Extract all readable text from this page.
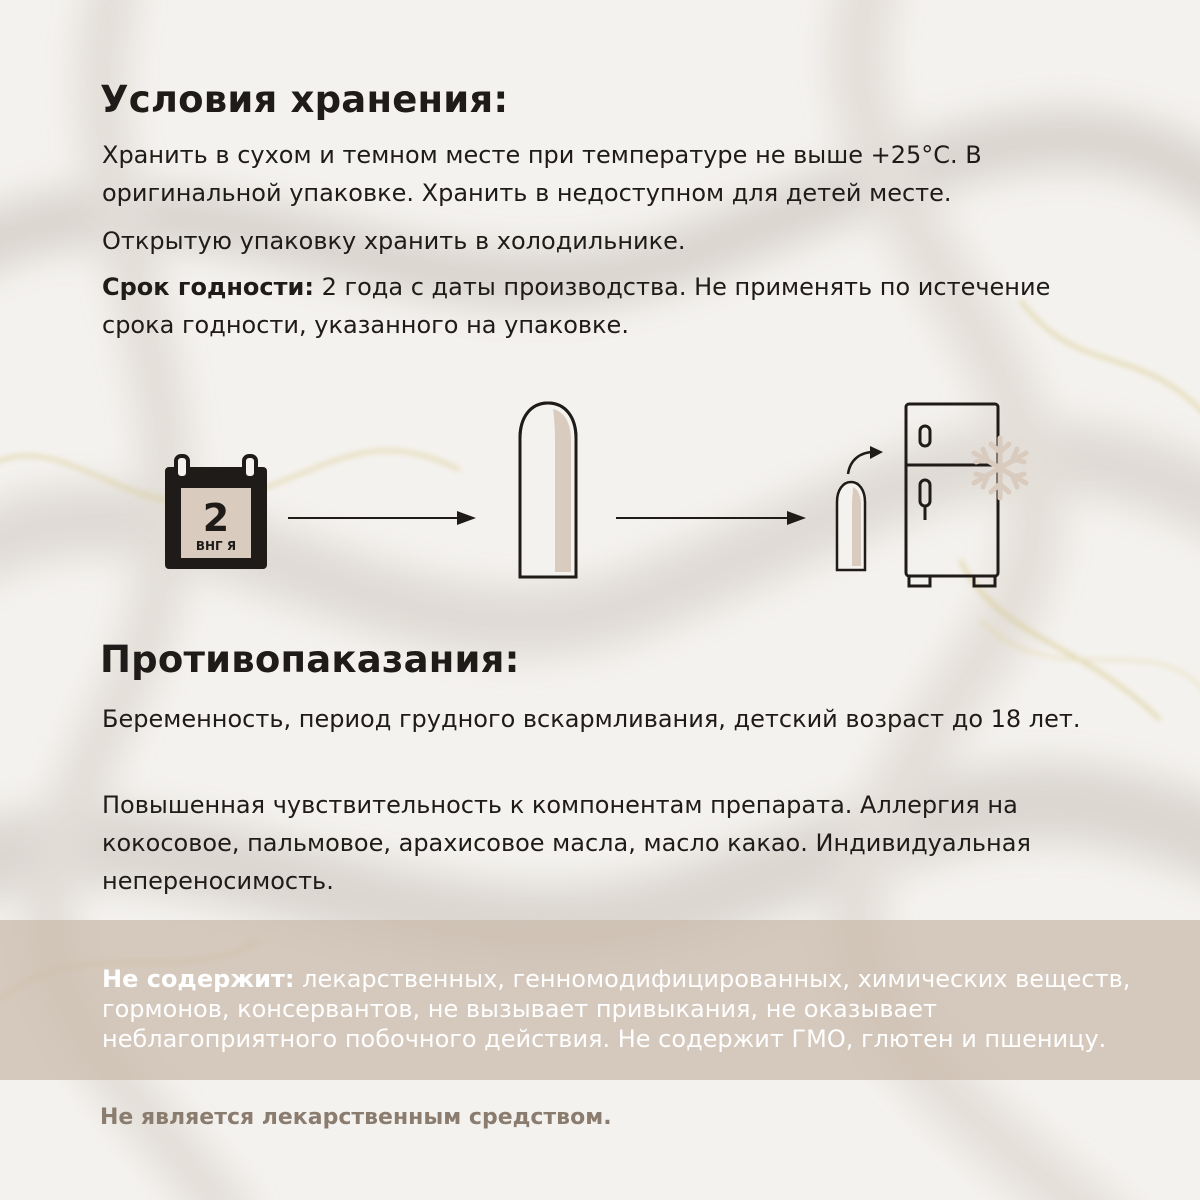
Условия хранения:

Хранить в сухом и темном месте при температуре не выше +25°С. В оригинальной упаковке. Хранить в недоступном для детей месте.

Открытую упаковку хранить в холодильнике.

Срок годности: 2 года с даты производства. Не применять по истечение срока годности, указанного на упаковке.

2
ВНГ Я
Противопаказания:

Беременность, период грудного вскармливания, детский возраст до 18 лет.

Повышенная чувствительность к компонентам препарата. Аллергия на кокосовое, пальмовое, арахисовое масла, масло какао. Индивидуальная непереносимость.

Не содержит: лекарственных, генномодифицированных, химических веществ, гормонов, консервантов, не вызывает привыкания, не оказывает неблагоприятного побочного действия. Не содержит ГМО, глютен и пшеницу.

Не является лекарственным средством.
